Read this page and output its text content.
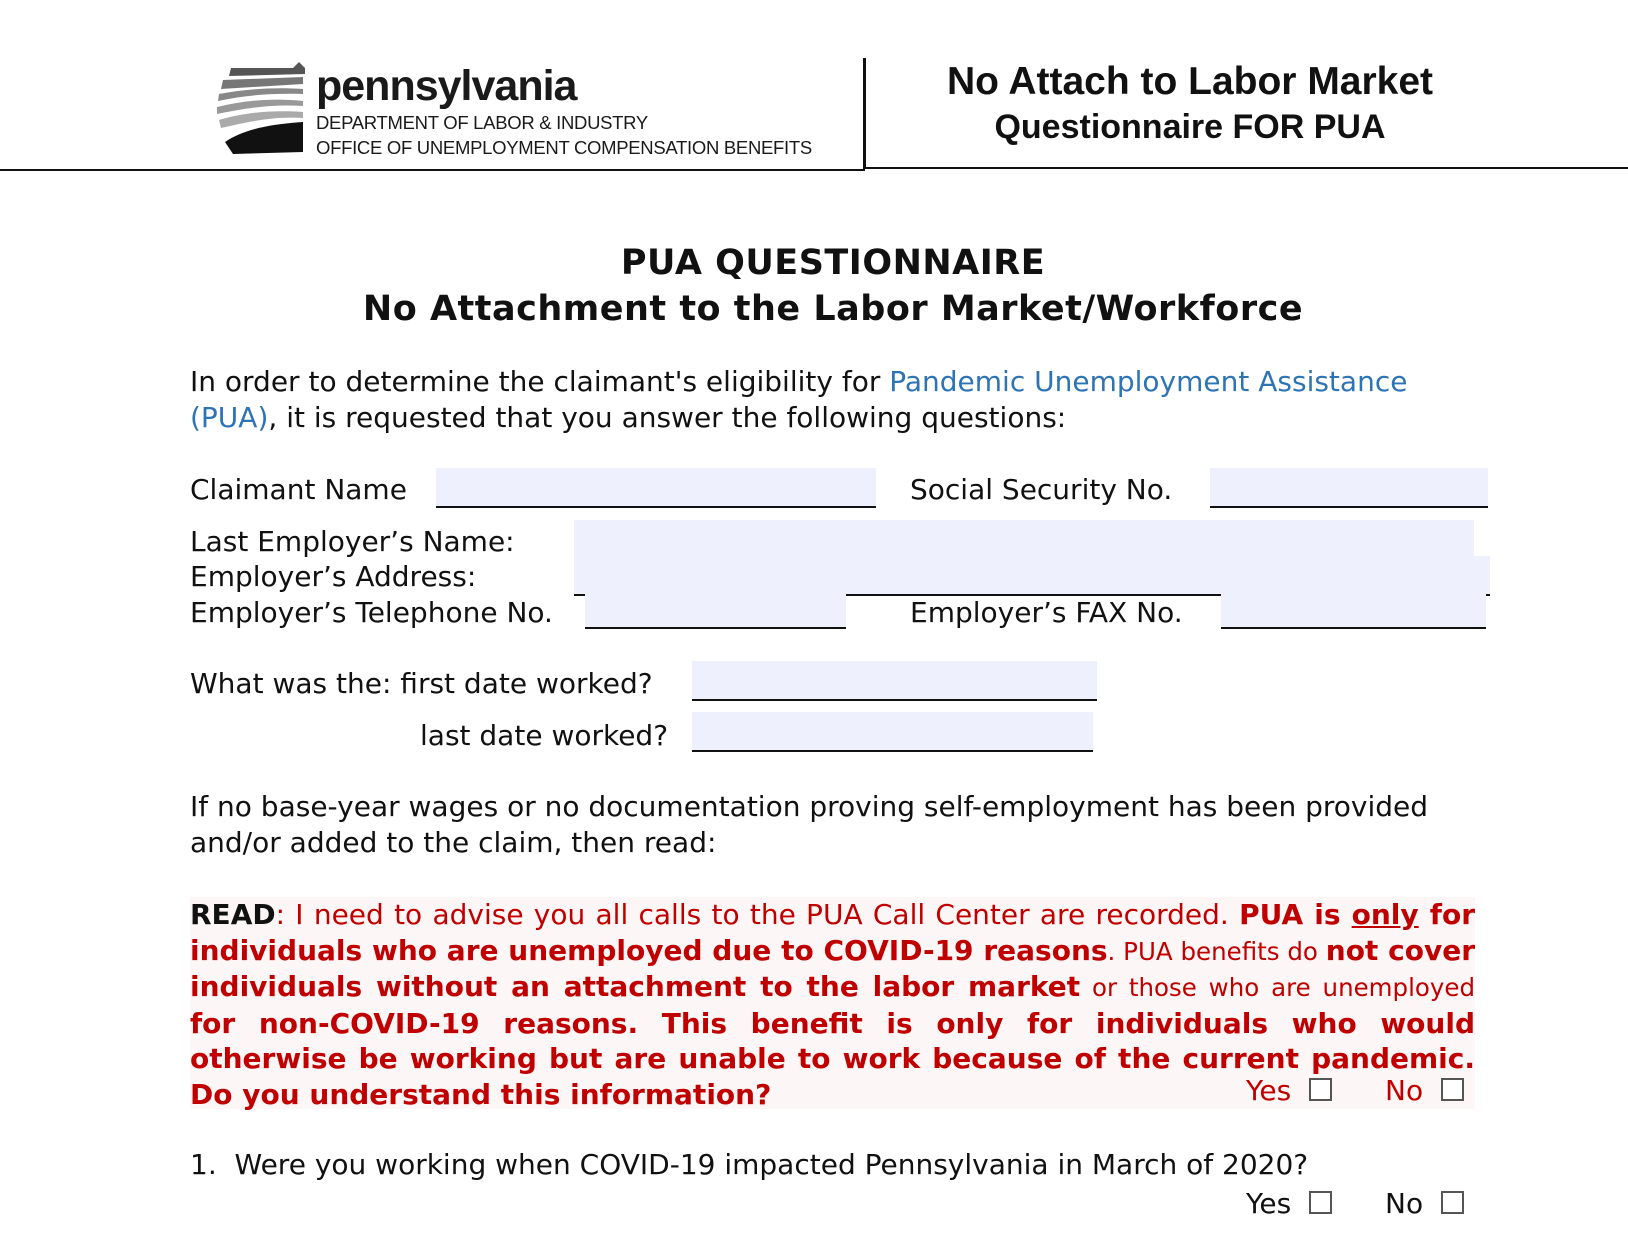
pennsylvania
DEPARTMENT OF LABOR & INDUSTRY
OFFICE OF UNEMPLOYMENT COMPENSATION BENEFITS
No Attach to Labor Market
Questionnaire FOR PUA
PUA QUESTIONNAIRE
No Attachment to the Labor Market/Workforce
In order to determine the claimant's eligibility for Pandemic Unemployment Assistance (PUA), it is requested that you answer the following questions:
Claimant Name	Social Security No.
Last Employer’s Name:
Employer’s Address:
Employer’s Telephone No.	Employer’s FAX No.
What was the: first date worked?
last date worked?
If no base-year wages or no documentation proving self-employment has been provided and/or added to the claim, then read:
READ: I need to advise you all calls to the PUA Call Center are recorded. PUA is only for individuals who are unemployed due to COVID-19 reasons. PUA benefits do not cover individuals without an attachment to the labor market or those who are unemployed for non-COVID-19 reasons. This benefit is only for individuals who would otherwise be working but are unable to work because of the current pandemic. Do you understand this information?	Yes	No
1. Were you working when COVID-19 impacted Pennsylvania in March of 2020?
Yes	No
